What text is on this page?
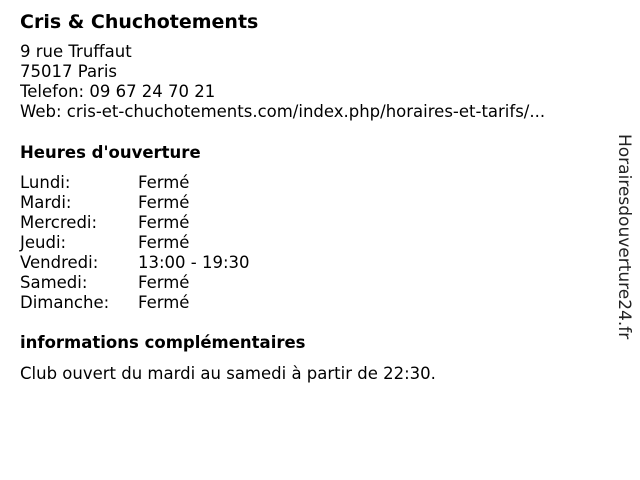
Cris & Chuchotements
9 rue Truffaut
75017 Paris
Telefon: 09 67 24 70 21
Web: cris-et-chuchotements.com/index.php/horaires-et-tarifs/...
Heures d'ouverture
Lundi:	Fermé
Mardi:	Fermé
Mercredi:	Fermé
Jeudi:	Fermé
Vendredi:	13:00 - 19:30
Samedi:	Fermé
Dimanche:	Fermé
informations complémentaires
Club ouvert du mardi au samedi à partir de 22:30.
Horairesdouverture24.fr
